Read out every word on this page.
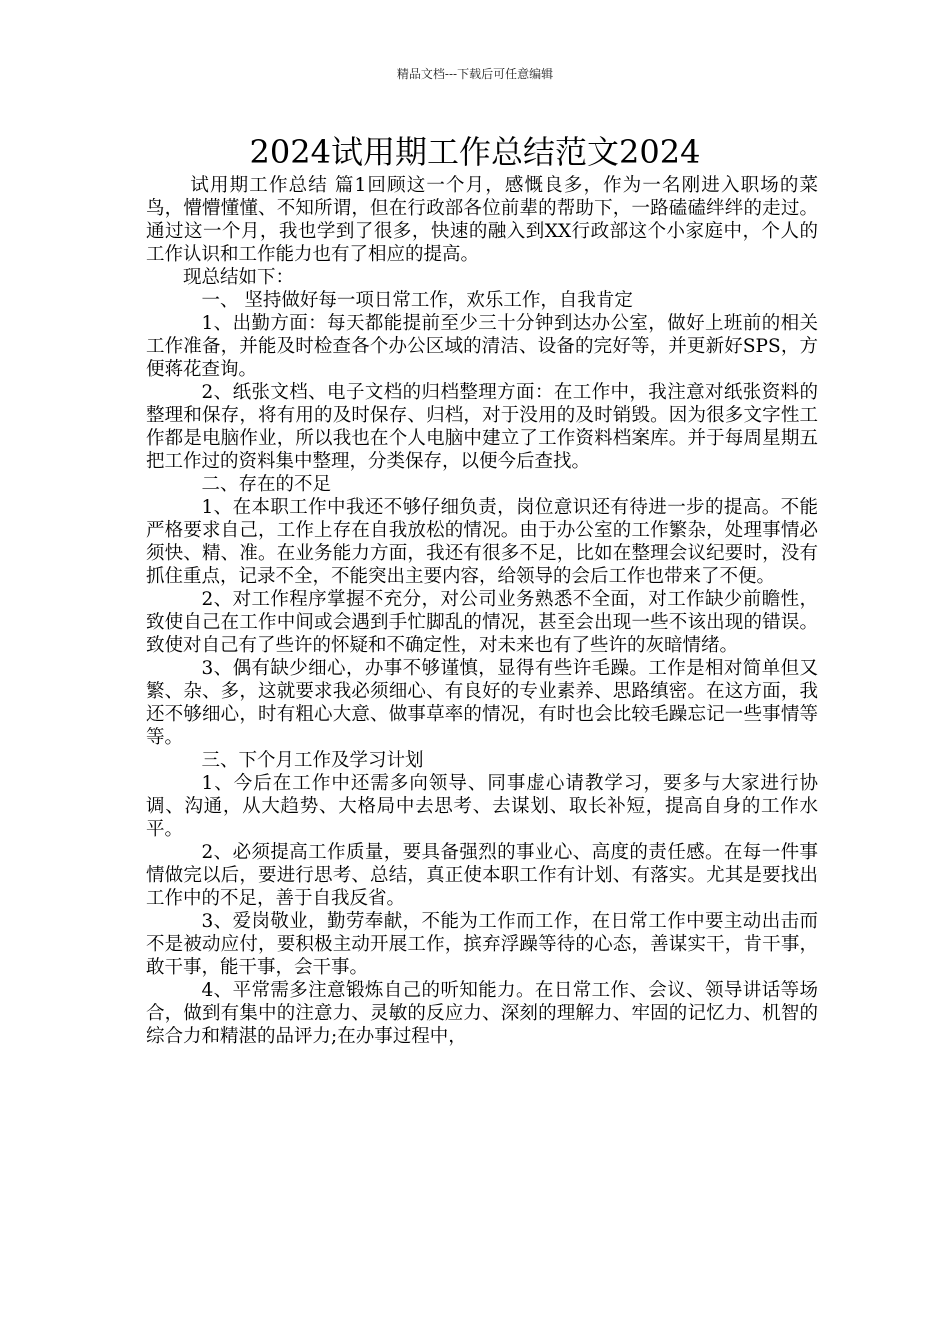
精品文档---下载后可任意编辑
2024试用期工作总结范文2024

试用期工作总结 篇1回顾这一个月，感慨良多，作为一名刚进入职场的菜鸟，懵懵懂懂、不知所谓，但在行政部各位前辈的帮助下，一路磕磕绊绊的走过。通过这一个月，我也学到了很多，快速的融入到XX行政部这个小家庭中，个人的工作认识和工作能力也有了相应的提高。

现总结如下：

一、 坚持做好每一项日常工作，欢乐工作，自我肯定

1、出勤方面：每天都能提前至少三十分钟到达办公室，做好上班前的相关工作准备，并能及时检查各个办公区域的清洁、设备的完好等，并更新好SPS，方便蒋花查询。

2、纸张文档、电子文档的归档整理方面：在工作中，我注意对纸张资料的整理和保存，将有用的及时保存、归档，对于没用的及时销毁。因为很多文字性工作都是电脑作业，所以我也在个人电脑中建立了工作资料档案库。并于每周星期五把工作过的资料集中整理，分类保存，以便今后查找。

二、存在的不足

1、在本职工作中我还不够仔细负责，岗位意识还有待进一步的提高。不能严格要求自己，工作上存在自我放松的情况。由于办公室的工作繁杂，处理事情必须快、精、准。在业务能力方面，我还有很多不足，比如在整理会议纪要时，没有抓住重点，记录不全，不能突出主要内容，给领导的会后工作也带来了不便。

2、对工作程序掌握不充分，对公司业务熟悉不全面，对工作缺少前瞻性，致使自己在工作中间或会遇到手忙脚乱的情况，甚至会出现一些不该出现的错误。致使对自己有了些许的怀疑和不确定性，对未来也有了些许的灰暗情绪。

3、偶有缺少细心，办事不够谨慎，显得有些许毛躁。工作是相对简单但又繁、杂、多，这就要求我必须细心、有良好的专业素养、思路缜密。在这方面，我还不够细心，时有粗心大意、做事草率的情况，有时也会比较毛躁忘记一些事情等等。

三、下个月工作及学习计划

1、今后在工作中还需多向领导、同事虚心请教学习，要多与大家进行协调、沟通，从大趋势、大格局中去思考、去谋划、取长补短，提高自身的工作水平。

2、必须提高工作质量，要具备强烈的事业心、高度的责任感。在每一件事情做完以后，要进行思考、总结，真正使本职工作有计划、有落实。尤其是要找出工作中的不足，善于自我反省。

3、爱岗敬业，勤劳奉献，不能为工作而工作，在日常工作中要主动出击而不是被动应付，要积极主动开展工作，摈弃浮躁等待的心态，善谋实干，肯干事，敢干事，能干事，会干事。

4、平常需多注意锻炼自己的听知能力。在日常工作、会议、领导讲话等场合，做到有集中的注意力、灵敏的反应力、深刻的理解力、牢固的记忆力、机智的综合力和精湛的品评力;在办事过程中，
